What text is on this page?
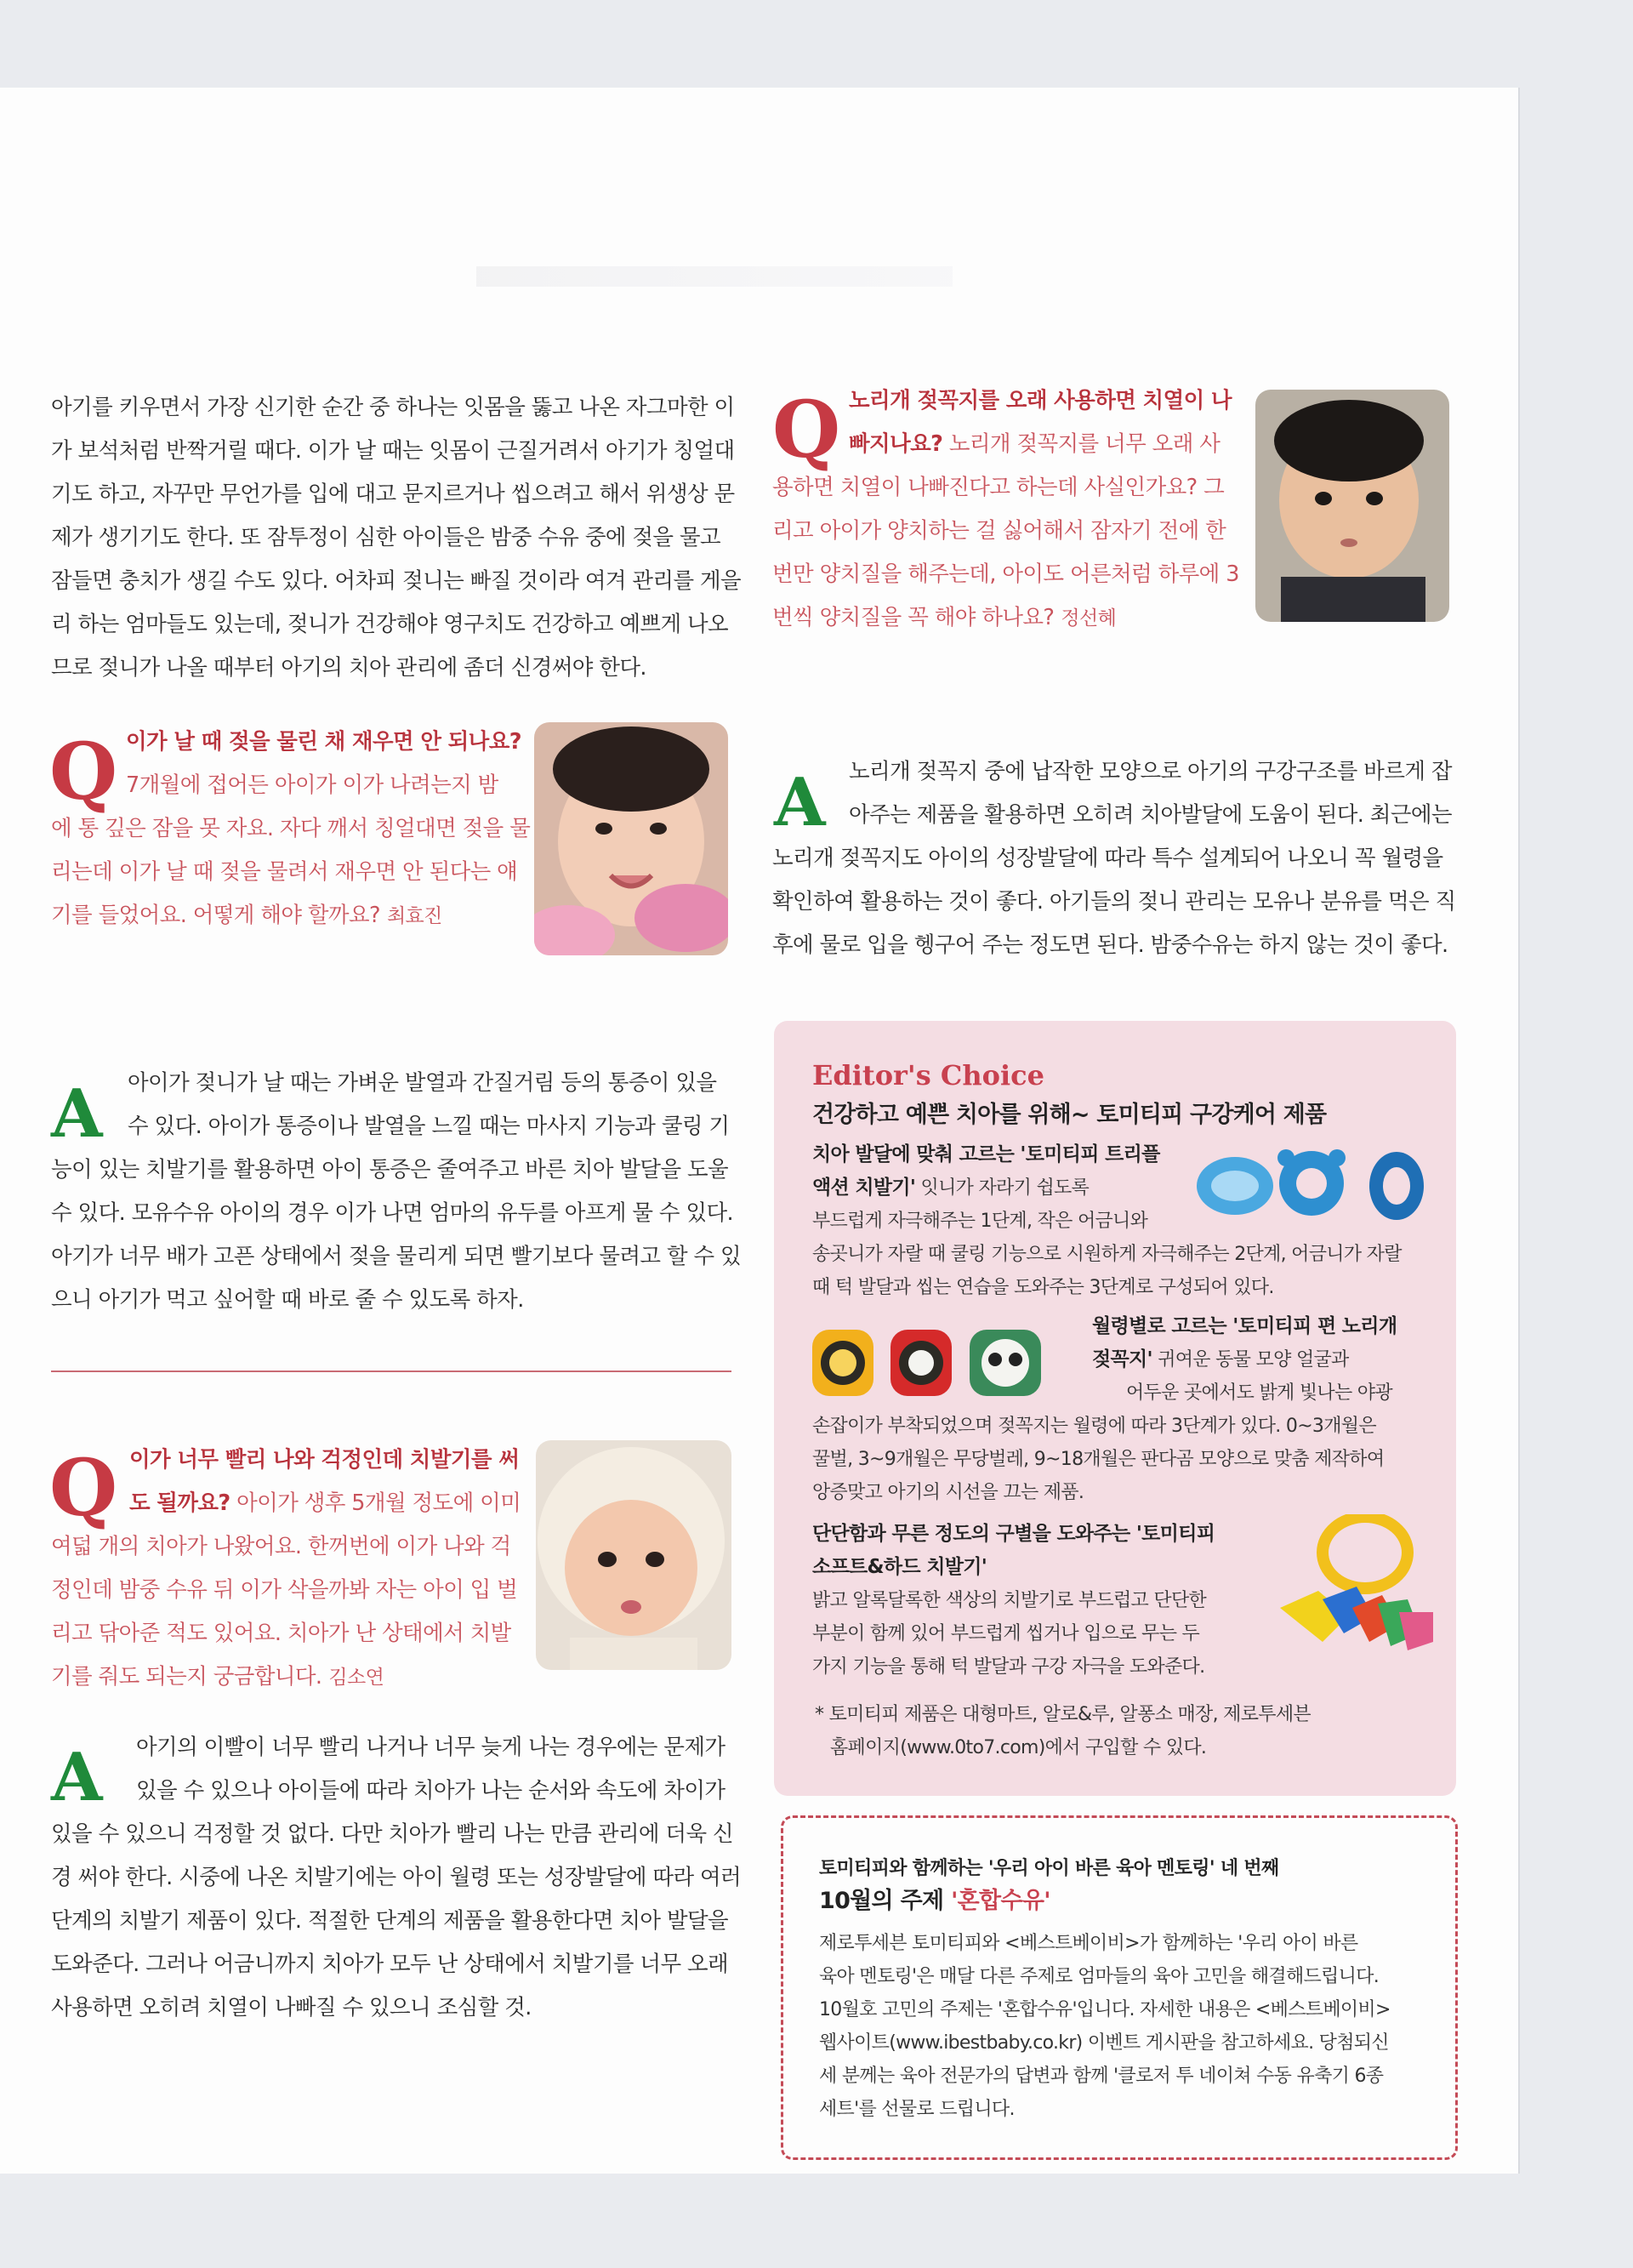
아기를 키우면서 가장 신기한 순간 중 하나는 잇몸을 뚫고 나온 자그마한 이

가 보석처럼 반짝거릴 때다. 이가 날 때는 잇몸이 근질거려서 아기가 칭얼대

기도 하고, 자꾸만 무언가를 입에 대고 문지르거나 씹으려고 해서 위생상 문

제가 생기기도 한다. 또 잠투정이 심한 아이들은 밤중 수유 중에 젖을 물고

잠들면 충치가 생길 수도 있다. 어차피 젖니는 빠질 것이라 여겨 관리를 게을

리 하는 엄마들도 있는데, 젖니가 건강해야 영구치도 건강하고 예쁘게 나오

므로 젖니가 나올 때부터 아기의 치아 관리에 좀더 신경써야 한다.

Q 이가 날 때 젖을 물린 채 재우면 안 되나요?

7개월에 접어든 아이가 이가 나려는지 밤

에 통 깊은 잠을 못 자요. 자다 깨서 칭얼대면 젖을 물

리는데 이가 날 때 젖을 물려서 재우면 안 된다는 얘

기를 들었어요. 어떻게 해야 할까요? 최효진

A 아이가 젖니가 날 때는 가벼운 발열과 간질거림 등의 통증이 있을

수 있다. 아이가 통증이나 발열을 느낄 때는 마사지 기능과 쿨링 기

능이 있는 치발기를 활용하면 아이 통증은 줄여주고 바른 치아 발달을 도울

수 있다. 모유수유 아이의 경우 이가 나면 엄마의 유두를 아프게 물 수 있다.

아기가 너무 배가 고픈 상태에서 젖을 물리게 되면 빨기보다 물려고 할 수 있

으니 아기가 먹고 싶어할 때 바로 줄 수 있도록 하자.

Q 이가 너무 빨리 나와 걱정인데 치발기를 써

도 될까요? 아이가 생후 5개월 정도에 이미

여덟 개의 치아가 나왔어요. 한꺼번에 이가 나와 걱

정인데 밤중 수유 뒤 이가 삭을까봐 자는 아이 입 벌

리고 닦아준 적도 있어요. 치아가 난 상태에서 치발

기를 줘도 되는지 궁금합니다. 김소연

A 아기의 이빨이 너무 빨리 나거나 너무 늦게 나는 경우에는 문제가

있을 수 있으나 아이들에 따라 치아가 나는 순서와 속도에 차이가

있을 수 있으니 걱정할 것 없다. 다만 치아가 빨리 나는 만큼 관리에 더욱 신

경 써야 한다. 시중에 나온 치발기에는 아이 월령 또는 성장발달에 따라 여러

단계의 치발기 제품이 있다. 적절한 단계의 제품을 활용한다면 치아 발달을

도와준다. 그러나 어금니까지 치아가 모두 난 상태에서 치발기를 너무 오래

사용하면 오히려 치열이 나빠질 수 있으니 조심할 것.

Q 노리개 젖꼭지를 오래 사용하면 치열이 나

빠지나요? 노리개 젖꼭지를 너무 오래 사

용하면 치열이 나빠진다고 하는데 사실인가요? 그

리고 아이가 양치하는 걸 싫어해서 잠자기 전에 한

번만 양치질을 해주는데, 아이도 어른처럼 하루에 3

번씩 양치질을 꼭 해야 하나요? 정선혜

A 노리개 젖꼭지 중에 납작한 모양으로 아기의 구강구조를 바르게 잡

아주는 제품을 활용하면 오히려 치아발달에 도움이 된다. 최근에는

노리개 젖꼭지도 아이의 성장발달에 따라 특수 설계되어 나오니 꼭 월령을

확인하여 활용하는 것이 좋다. 아기들의 젖니 관리는 모유나 분유를 먹은 직

후에 물로 입을 헹구어 주는 정도면 된다. 밤중수유는 하지 않는 것이 좋다.

Editor's Choice
건강하고 예쁜 치아를 위해~ 토미티피 구강케어 제품

치아 발달에 맞춰 고르는 '토미티피 트리플

액션 치발기' 잇니가 자라기 쉽도록

부드럽게 자극해주는 1단계, 작은 어금니와

송곳니가 자랄 때 쿨링 기능으로 시원하게 자극해주는 2단계, 어금니가 자랄

때 턱 발달과 씹는 연습을 도와주는 3단계로 구성되어 있다.

월령별로 고르는 '토미티피 편 노리개

젖꼭지' 귀여운 동물 모양 얼굴과

어두운 곳에서도 밝게 빛나는 야광

손잡이가 부착되었으며 젖꼭지는 월령에 따라 3단계가 있다. 0~3개월은

꿀벌, 3~9개월은 무당벌레, 9~18개월은 판다곰 모양으로 맞춤 제작하여

앙증맞고 아기의 시선을 끄는 제품.

단단함과 무른 정도의 구별을 도와주는 '토미티피

소프트&하드 치발기'

밝고 알록달록한 색상의 치발기로 부드럽고 단단한

부분이 함께 있어 부드럽게 씹거나 입으로 무는 두

가지 기능을 통해 턱 발달과 구강 자극을 도와준다.

* 토미티피 제품은 대형마트, 알로&루, 알퐁소 매장, 제로투세븐

홈페이지(www.0to7.com)에서 구입할 수 있다.

토미티피와 함께하는 '우리 아이 바른 육아 멘토링' 네 번째
10월의 주제 '혼합수유'

제로투세븐 토미티피와 <베스트베이비>가 함께하는 '우리 아이 바른

육아 멘토링'은 매달 다른 주제로 엄마들의 육아 고민을 해결해드립니다.

10월호 고민의 주제는 '혼합수유'입니다. 자세한 내용은 <베스트베이비>

웹사이트(www.ibestbaby.co.kr) 이벤트 게시판을 참고하세요. 당첨되신

세 분께는 육아 전문가의 답변과 함께 '클로저 투 네이쳐 수동 유축기 6종

세트'를 선물로 드립니다.
